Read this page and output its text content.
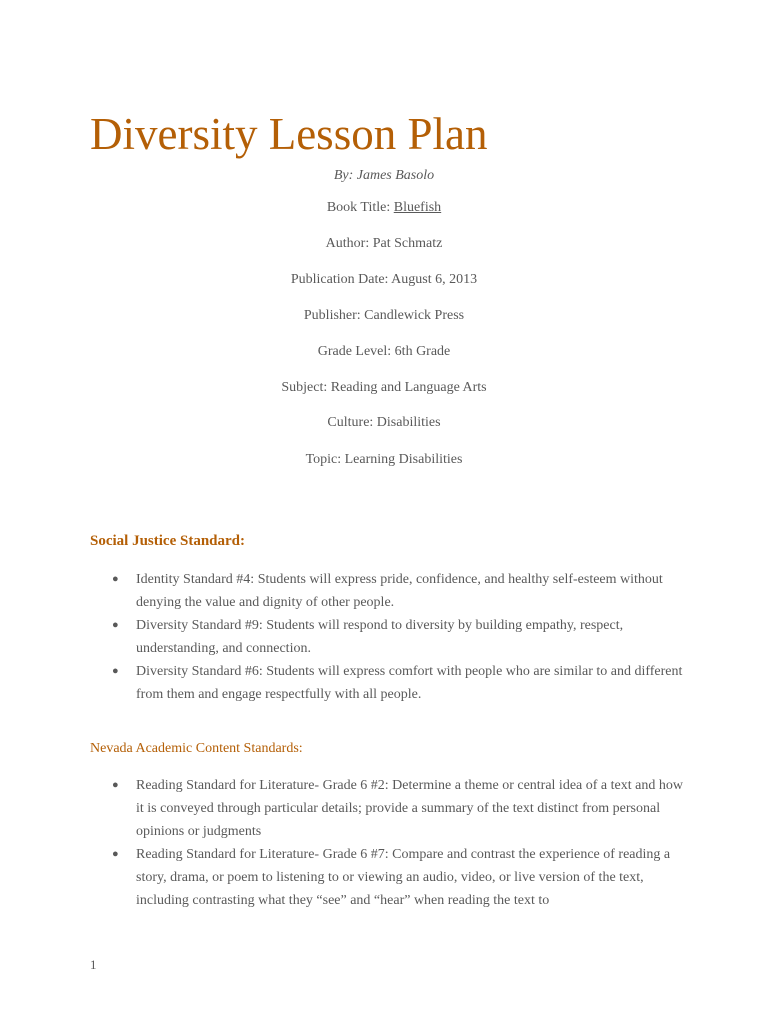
Diversity Lesson Plan
By: James Basolo
Book Title: Bluefish
Author: Pat Schmatz
Publication Date: August 6, 2013
Publisher: Candlewick Press
Grade Level: 6th Grade
Subject: Reading and Language Arts
Culture: Disabilities
Topic: Learning Disabilities
Social Justice Standard:
● Identity Standard #4: Students will express pride, confidence, and healthy self-esteem without denying the value and dignity of other people.
● Diversity Standard #9: Students will respond to diversity by building empathy, respect, understanding, and connection.
● Diversity Standard #6: Students will express comfort with people who are similar to and different from them and engage respectfully with all people.
Nevada Academic Content Standards:
● Reading Standard for Literature- Grade 6 #2: Determine a theme or central idea of a text and how it is conveyed through particular details; provide a summary of the text distinct from personal opinions or judgments
● Reading Standard for Literature- Grade 6 #7: Compare and contrast the experience of reading a story, drama, or poem to listening to or viewing an audio, video, or live version of the text, including contrasting what they “see” and “hear” when reading the text to
1
